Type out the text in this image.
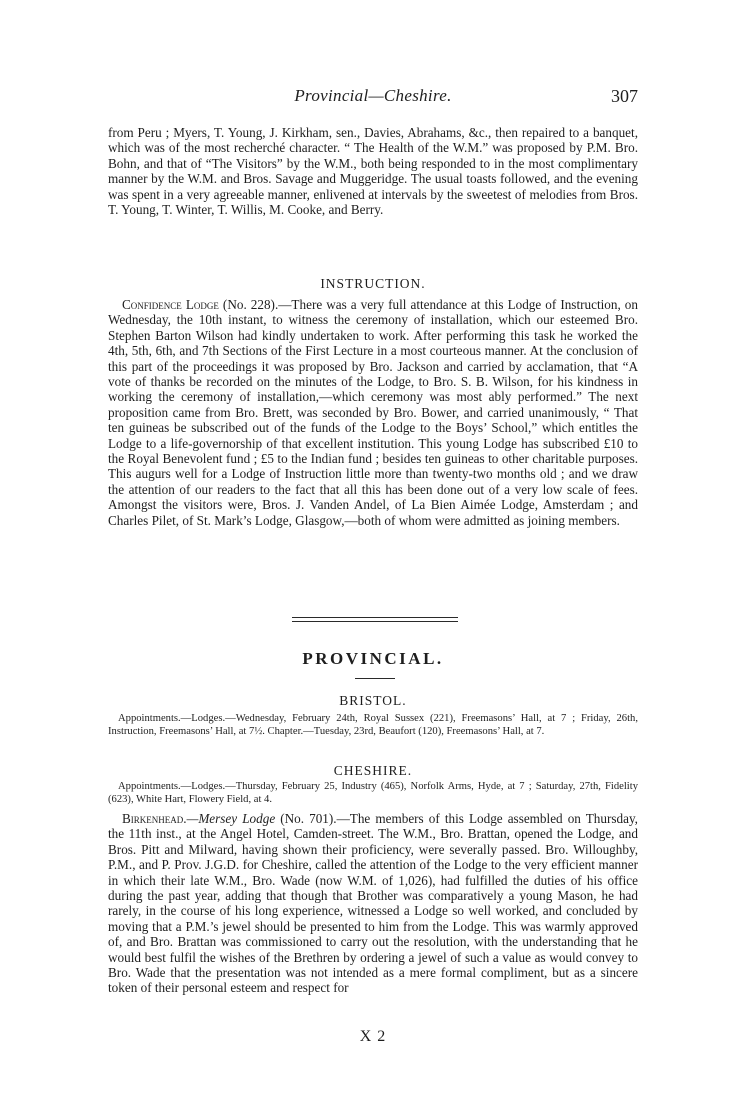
Provincial—Cheshire.	307

from Peru ; Myers, T. Young, J. Kirkham, sen., Davies, Abrahams, &c., then repaired to a banquet, which was of the most recherché character. “ The Health of the W.M.” was proposed by P.M. Bro. Bohn, and that of “The Visitors” by the W.M., both being responded to in the most complimentary manner by the W.M. and Bros. Savage and Muggeridge. The usual toasts followed, and the evening was spent in a very agreeable manner, enlivened at intervals by the sweetest of melodies from Bros. T. Young, T. Winter, T. Willis, M. Cooke, and Berry.

INSTRUCTION.

Confidence Lodge (No. 228).—There was a very full attendance at this Lodge of Instruction, on Wednesday, the 10th instant, to witness the ceremony of installation, which our esteemed Bro. Stephen Barton Wilson had kindly undertaken to work. After performing this task he worked the 4th, 5th, 6th, and 7th Sections of the First Lecture in a most courteous manner. At the conclusion of this part of the proceedings it was proposed by Bro. Jackson and carried by acclamation, that “A vote of thanks be recorded on the minutes of the Lodge, to Bro. S. B. Wilson, for his kindness in working the ceremony of installation,—which ceremony was most ably performed.” The next proposition came from Bro. Brett, was seconded by Bro. Bower, and carried unanimously, “ That ten guineas be subscribed out of the funds of the Lodge to the Boys’ School,” which entitles the Lodge to a life-governorship of that excellent institution. This young Lodge has subscribed £10 to the Royal Benevolent fund ; £5 to the Indian fund ; besides ten guineas to other charitable purposes. This augurs well for a Lodge of Instruction little more than twenty-two months old ; and we draw the attention of our readers to the fact that all this has been done out of a very low scale of fees. Amongst the visitors were, Bros. J. Vanden Andel, of La Bien Aimée Lodge, Amsterdam ; and Charles Pilet, of St. Mark’s Lodge, Glasgow,—both of whom were admitted as joining members.

PROVINCIAL.
BRISTOL.

Appointments.—Lodges.—Wednesday, February 24th, Royal Sussex (221), Freemasons’ Hall, at 7 ; Friday, 26th, Instruction, Freemasons’ Hall, at 7½. Chapter.—Tuesday, 23rd, Beaufort (120), Freemasons’ Hall, at 7.

CHESHIRE.

Appointments.—Lodges.—Thursday, February 25, Industry (465), Norfolk Arms, Hyde, at 7 ; Saturday, 27th, Fidelity (623), White Hart, Flowery Field, at 4.

Birkenhead.—Mersey Lodge (No. 701).—The members of this Lodge assembled on Thursday, the 11th inst., at the Angel Hotel, Camden-street. The W.M., Bro. Brattan, opened the Lodge, and Bros. Pitt and Milward, having shown their proficiency, were severally passed. Bro. Willoughby, P.M., and P. Prov. J.G.D. for Cheshire, called the attention of the Lodge to the very efficient manner in which their late W.M., Bro. Wade (now W.M. of 1,026), had fulfilled the duties of his office during the past year, adding that though that Brother was comparatively a young Mason, he had rarely, in the course of his long experience, witnessed a Lodge so well worked, and concluded by moving that a P.M.’s jewel should be presented to him from the Lodge. This was warmly approved of, and Bro. Brattan was commissioned to carry out the resolution, with the understanding that he would best fulfil the wishes of the Brethren by ordering a jewel of such a value as would convey to Bro. Wade that the presentation was not intended as a mere formal compliment, but as a sincere token of their personal esteem and respect for

X 2
